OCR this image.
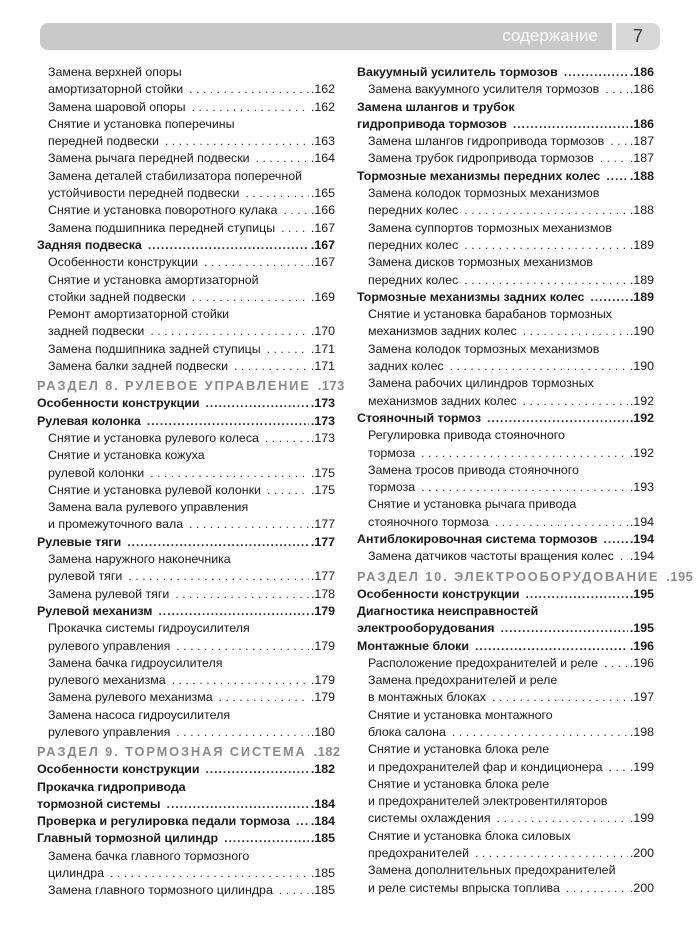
содержание	7
Замена верхней опоры
амортизаторной стойки . . .	.162
Замена шаровой опоры . . .	.162
Снятие и установка поперечины
передней подвески . . .	.163
Замена рычага передней подвески . . .	.164
Замена деталей стабилизатора поперечной
устойчивости передней подвески . . .	.165
Снятие и установка поворотного кулака . . .	.166
Замена подшипника передней ступицы . . .	.167
Задняя подвеска .....	.167
Особенности конструкции . . .	.167
Снятие и установка амортизаторной
стойки задней подвески . . .	.169
Ремонт амортизаторной стойки
задней подвески . . .	.170
Замена подшипника задней ступицы . . .	.171
Замена балки задней подвески . . .	.171
РАЗДЕЛ 8. РУЛЕВОЕ УПРАВЛЕНИЕ .173
Особенности конструкции .....	.173
Рулевая колонка .....	.173
Снятие и установка рулевого колеса . . .	.173
Снятие и установка кожуха
рулевой колонки . . .	.175
Снятие и установка рулевой колонки . . .	.175
Замена вала рулевого управления
и промежуточного вала . . .	.177
Рулевые тяги .....	.177
Замена наружного наконечника
рулевой тяги . . .	.177
Замена рулевой тяги . . .	.178
Рулевой механизм .....	.179
Прокачка системы гидроусилителя
рулевого управления . . .	.179
Замена бачка гидроусилителя
рулевого механизма . . .	.179
Замена рулевого механизма . . .	.179
Замена насоса гидроусилителя
рулевого управления . . .	.180
РАЗДЕЛ 9. ТОРМОЗНАЯ СИСТЕМА .182
Особенности конструкции .....	.182
Прокачка гидропривода
тормозной системы .....	.184
Проверка и регулировка педали тормоза ..... .184
Главный тормозной цилиндр .....	.185
Замена бачка главного тормозного
цилиндра . . .	.185
Замена главного тормозного цилиндра . . .	.185
Вакуумный усилитель тормозов .....	.186
Замена вакуумного усилителя тормозов . . . .186
Замена шлангов и трубок
гидропривода тормозов .....	.186
Замена шлангов гидропривода тормозов . . . .187
Замена трубок гидропривода тормозов . . .	.187
Тормозные механизмы передних колес ..... .188
Замена колодок тормозных механизмов
передних колес . . .	.188
Замена суппортов тормозных механизмов
передних колес . . .	.189
Замена дисков тормозных механизмов
передних колес . . .	.189
Тормозные механизмы задних колес .....	.189
Снятие и установка барабанов тормозных
механизмов задних колес . . .	.190
Замена колодок тормозных механизмов
задних колес . . .	.190
Замена рабочих цилиндров тормозных
механизмов задних колес . . .	.192
Стояночный тормоз .....	.192
Регулировка привода стояночного
тормоза . . .	.192
Замена тросов привода стояночного
тормоза . . .	.193
Снятие и установка рычага привода
стояночного тормоза . . .	.194
Антиблокировочная система тормозов .....	.194
Замена датчиков частоты вращения колес . . . .194
РАЗДЕЛ 10. ЭЛЕКТРООБОРУДОВАНИЕ .195
Особенности конструкции .....	.195
Диагностика неисправностей
электрооборудования .....	.195
Монтажные блоки .....	.196
Расположение предохранителей и реле . . .	.196
Замена предохранителей и реле
в монтажных блоках . . .	.197
Снятие и установка монтажного
блока салона . . .	.198
Снятие и установка блока реле
и предохранителей фар и кондиционера . . . .199
Снятие и установка блока реле
и предохранителей электровентиляторов
системы охлаждения . . .	.199
Снятие и установка блока силовых
предохранителей . . .	.200
Замена дополнительных предохранителей
и реле системы впрыска топлива . . .	.200
